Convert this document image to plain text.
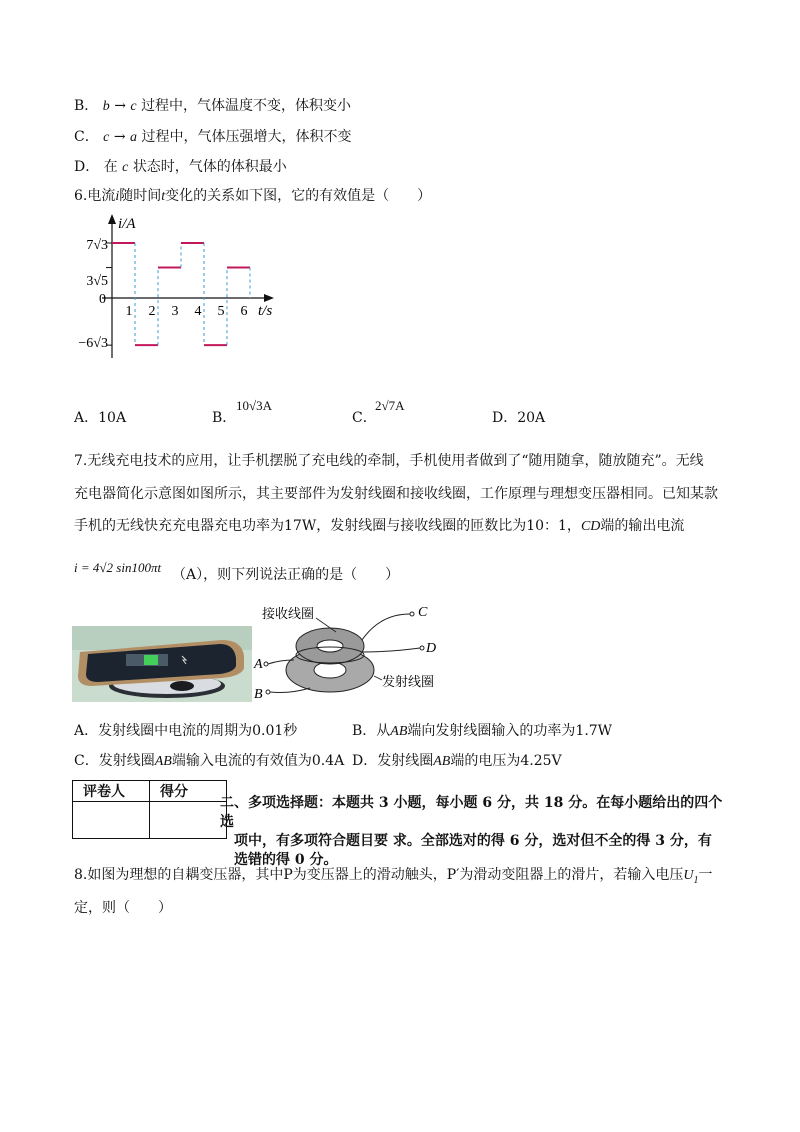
B． b → c 过程中，气体温度不变，体积变小
C． c → a 过程中，气体压强增大，体积不变
D． 在 c 状态时，气体的体积最小
6.电流i随时间t变化的关系如下图，它的有效值是（　　）
i/A
t/s
7√3
3√5
0
−6√3
1 2 3 4 5 6
A．10A	B．
10√3A
C．
2√7A
D．20A
7.无线充电技术的应用，让手机摆脱了充电线的牵制，手机使用者做到了“随用随拿，随放随充”。无线
充电器简化示意图如图所示，其主要部件为发射线圈和接收线圈，工作原理与理想变压器相同。已知某款
手机的无线快充充电器充电功率为17W，发射线圈与接收线圈的匝数比为10：1，CD端的输出电流
i = 4√2 sin100πt （A），则下列说法正确的是（　　）
接收线圈
发射线圈
C
D
A
B
A．发射线圈中电流的周期为0.01秒	B．从AB端向发射线圈输入的功率为1.7W
C．发射线圈AB端输入电流的有效值为0.4A D．发射线圈AB端的电压为4.25V
评卷人	得分

二、多项选择题：本题共 3 小题，每小题 6 分，共 18 分。在每小题给出的四个选
项中，有多项符合题目要 求。全部选对的得 6 分，选对但不全的得 3 分，有
选错的得 0 分。
8.如图为理想的自耦变压器，其中P为变压器上的滑动触头，P′为滑动变阻器上的滑片，若输入电压$U_1$一
定，则（　　）
